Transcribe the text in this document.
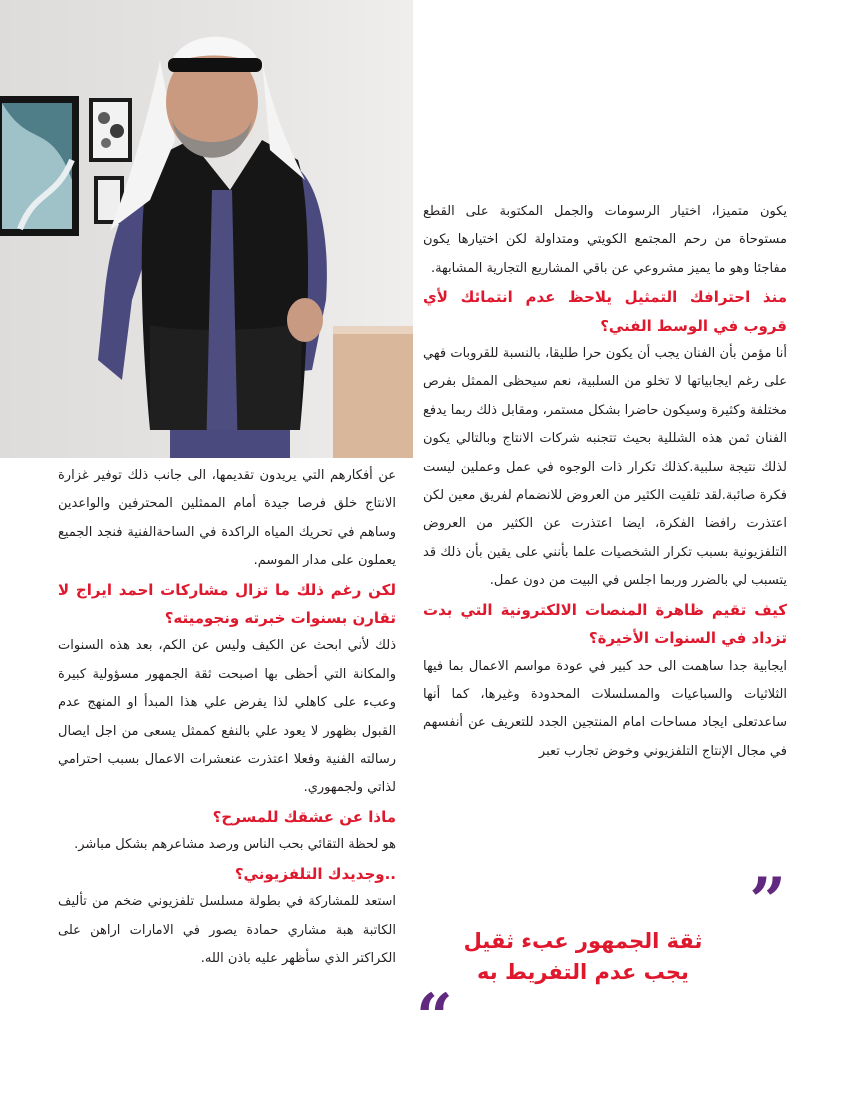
يكون متميزا، اختيار الرسومات والجمل المكتوبة على القطع مستوحاة من رحم المجتمع الكويتي ومتداولة لكن اختيارها يكون مفاجئا وهو ما يميز مشروعي عن باقي المشاريع التجارية المشابهة.

منذ احترافك التمثيل يلاحظ عدم انتمائك لأي قروب في الوسط الفني؟

أنا مؤمن بأن الفنان يجب أن يكون حرا طليقا، بالنسبة للقروبات فهي على رغم ايجابياتها لا تخلو من السلبية، نعم سيحظى الممثل بفرص مختلفة وكثيرة وسيكون حاضرا بشكل مستمر، ومقابل ذلك ربما يدفع الفنان ثمن هذه الشللية بحيث تتجنبه شركات الانتاج وبالتالي يكون لذلك نتيجة سلبية.كذلك تكرار ذات الوجوه في عمل وعملين ليست فكرة صائبة.لقد تلقيت الكثير من العروض للانضمام لفريق معين لكن اعتذرت رافضا الفكرة، ايضا اعتذرت عن الكثير من العروض التلفزيونية بسبب تكرار الشخصيات علما بأنني على يقين بأن ذلك قد يتسبب لي بالضرر وربما اجلس في البيت من دون عمل.

كيف تقيم ظاهرة المنصات الالكترونية التي بدت تزداد في السنوات الأخيرة؟

ايجابية جدا ساهمت الى حد كبير في عودة مواسم الاعمال بما فيها الثلاثيات والسباعيات والمسلسلات المحدودة وغيرها، كما أنها ساعدتعلى ايجاد مساحات امام المنتجين الجدد للتعريف عن أنفسهم في مجال الإنتاج التلفزيوني وخوض تجارب تعبر

عن أفكارهم التي يريدون تقديمها، الى جانب ذلك توفير غزارة الانتاج خلق فرصا جيدة أمام الممثلين المحترفين والواعدين وساهم في تحريك المياه الراكدة في الساحةالفنية فنجد الجميع يعملون على مدار الموسم.

لكن رغم ذلك ما تزال مشاركات احمد ايراج لا تقارن بسنوات خبرته ونجوميته؟

ذلك لأني ابحث عن الكيف وليس عن الكم، بعد هذه السنوات والمكانة التي أحظى بها اصبحت ثقة الجمهور مسؤولية كبيرة وعبء على كاهلي لذا يفرض علي هذا المبدأ او المنهج عدم القبول بظهور لا يعود علي بالنفع كممثل يسعى من اجل ايصال رسالته الفنية وفعلا اعتذرت عنعشرات الاعمال بسبب احترامي لذاتي ولجمهوري.

ماذا عن عشقك للمسرح؟

هو لحظة التقائي بحب الناس ورصد مشاعرهم بشكل مباشر.

..وجديدك التلفزيوني؟

استعد للمشاركة في بطولة مسلسل تلفزيوني ضخم من تأليف الكاتبة هبة مشاري حمادة يصور في الامارات اراهن على الكراكتر الذي سأظهر عليه باذن الله.

”
ثقة الجمهور عبء ثقيل
يجب عدم التفريط به
“
